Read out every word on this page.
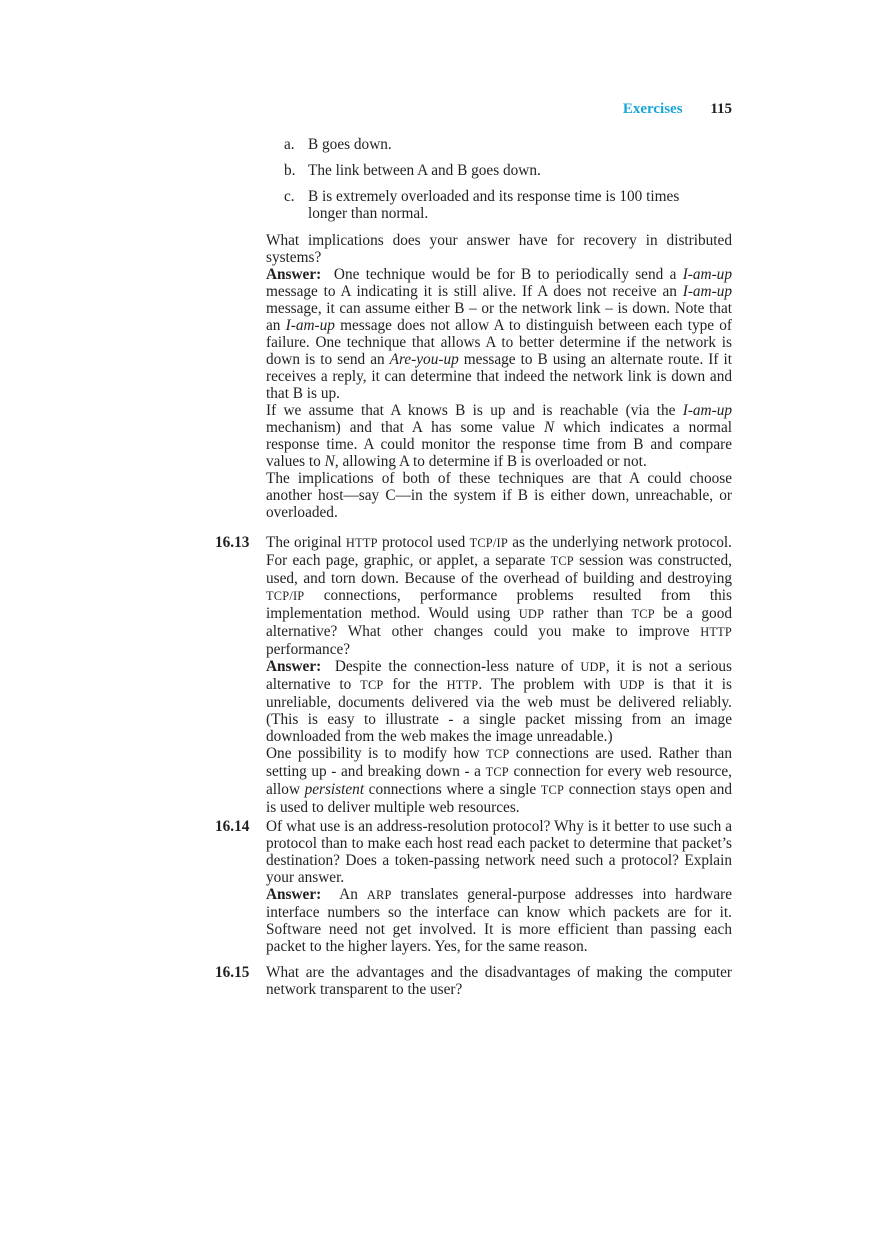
Exercises 115
a. B goes down.
b. The link between A and B goes down.
c. B is extremely overloaded and its response time is 100 times
longer than normal.
What implications does your answer have for recovery in distributed systems?
Answer: One technique would be for B to periodically send a I-am-up message to A indicating it is still alive. If A does not receive an I-am-up message, it can assume either B – or the network link – is down. Note that an I-am-up message does not allow A to distinguish between each type of failure. One technique that allows A to better determine if the network is down is to send an Are-you-up message to B using an alternate route. If it receives a reply, it can determine that indeed the network link is down and that B is up.
If we assume that A knows B is up and is reachable (via the I-am-up mechanism) and that A has some value N which indicates a normal response time. A could monitor the response time from B and compare values to N, allowing A to determine if B is overloaded or not.
The implications of both of these techniques are that A could choose another host—say C—in the system if B is either down, unreachable, or overloaded.
16.13 The original HTTP protocol used TCP/IP as the underlying network protocol. For each page, graphic, or applet, a separate TCP session was constructed, used, and torn down. Because of the overhead of building and destroying TCP/IP connections, performance problems resulted from this implementation method. Would using UDP rather than TCP be a good alternative? What other changes could you make to improve HTTP performance?
Answer: Despite the connection-less nature of UDP, it is not a serious alternative to TCP for the HTTP. The problem with UDP is that it is unreliable, documents delivered via the web must be delivered reliably. (This is easy to illustrate - a single packet missing from an image downloaded from the web makes the image unreadable.)
One possibility is to modify how TCP connections are used. Rather than setting up - and breaking down - a TCP connection for every web resource, allow persistent connections where a single TCP connection stays open and is used to deliver multiple web resources.
16.14 Of what use is an address-resolution protocol? Why is it better to use such a protocol than to make each host read each packet to determine that packet’s destination? Does a token-passing network need such a protocol? Explain your answer.
Answer: An ARP translates general-purpose addresses into hardware interface numbers so the interface can know which packets are for it. Software need not get involved. It is more efficient than passing each packet to the higher layers. Yes, for the same reason.
16.15 What are the advantages and the disadvantages of making the computer network transparent to the user?
